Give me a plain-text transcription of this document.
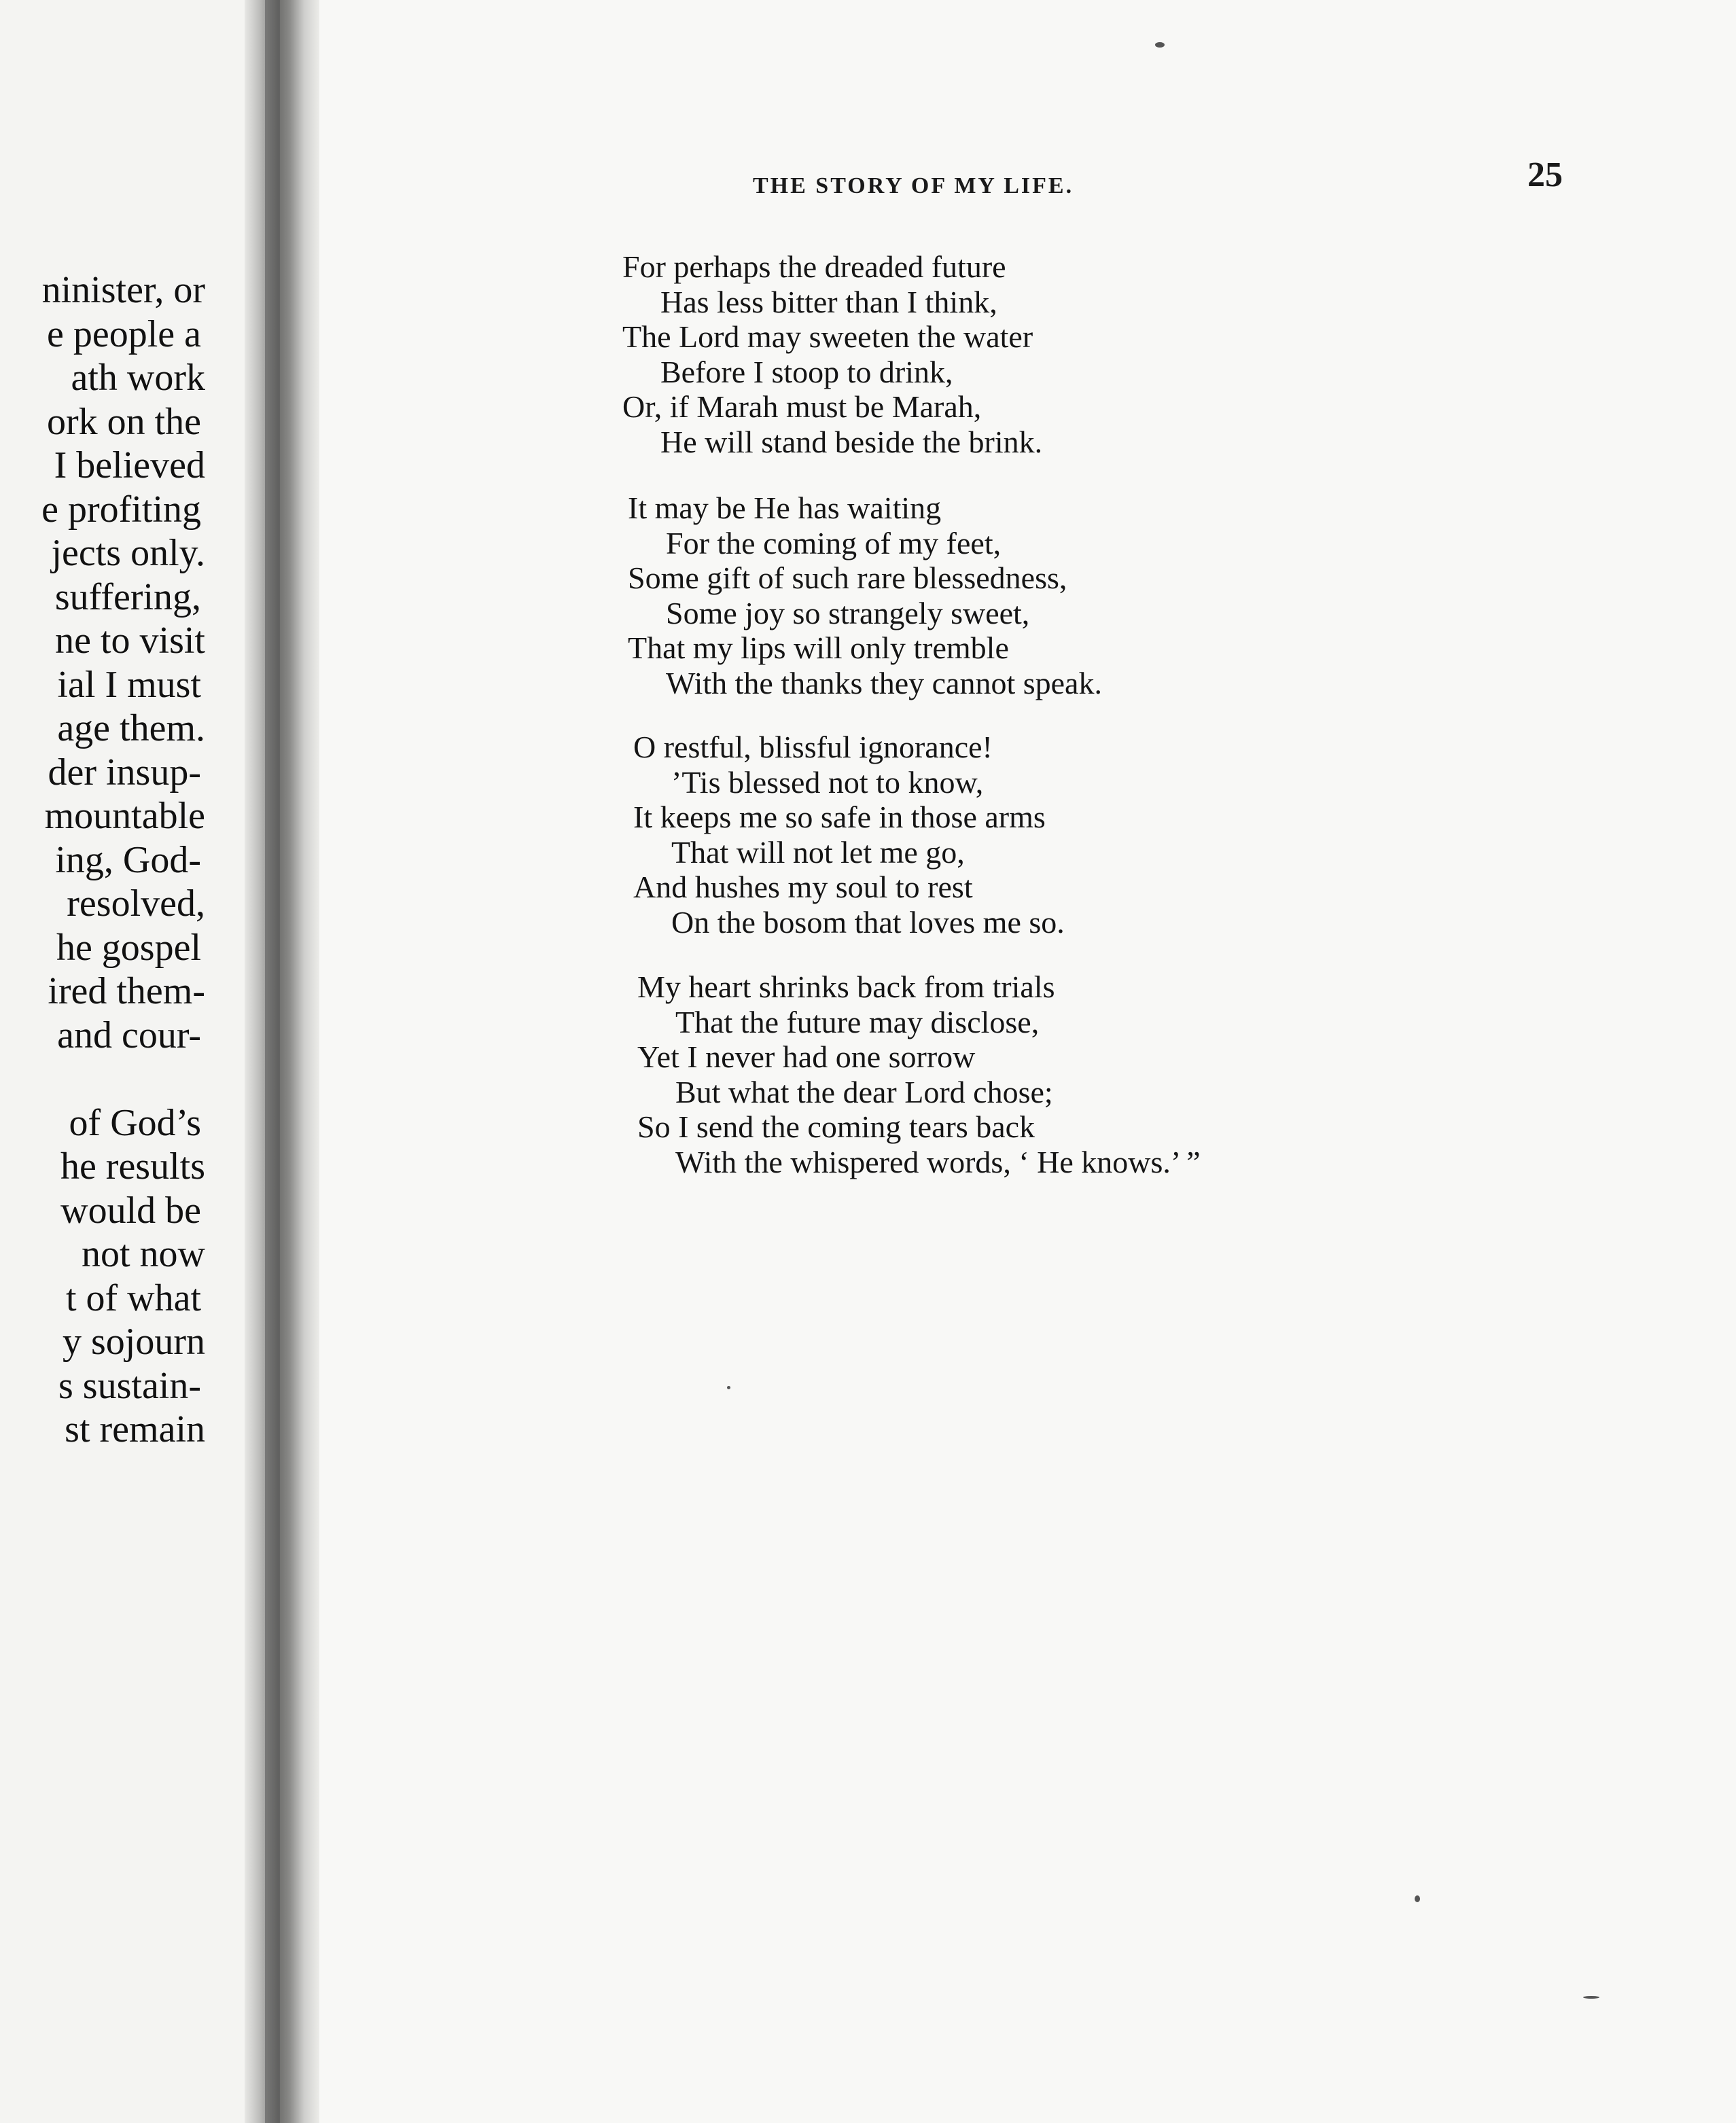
ninister, or

e people a

ath work

ork on the

I believed

e profiting

jects only.

suffering,

ne to visit

ial I must

age them.

der insup-

mountable

ing, God-

resolved,

he gospel

ired them-

and cour-

of God’s

he results

would be

not now

t of what

y sojourn

s sustain-

st remain

THE STORY OF MY LIFE.	25

For perhaps the dreaded future

Has less bitter than I think,

The Lord may sweeten the water

Before I stoop to drink,

Or, if Marah must be Marah,

He will stand beside the brink.

It may be He has waiting

For the coming of my feet,

Some gift of such rare blessedness,

Some joy so strangely sweet,

That my lips will only tremble

With the thanks they cannot speak.

O restful, blissful ignorance!

’Tis blessed not to know,

It keeps me so safe in those arms

That will not let me go,

And hushes my soul to rest

On the bosom that loves me so.

My heart shrinks back from trials

That the future may disclose,

Yet I never had one sorrow

But what the dear Lord chose;

So I send the coming tears back

With the whispered words, ‘ He knows.’ ”
